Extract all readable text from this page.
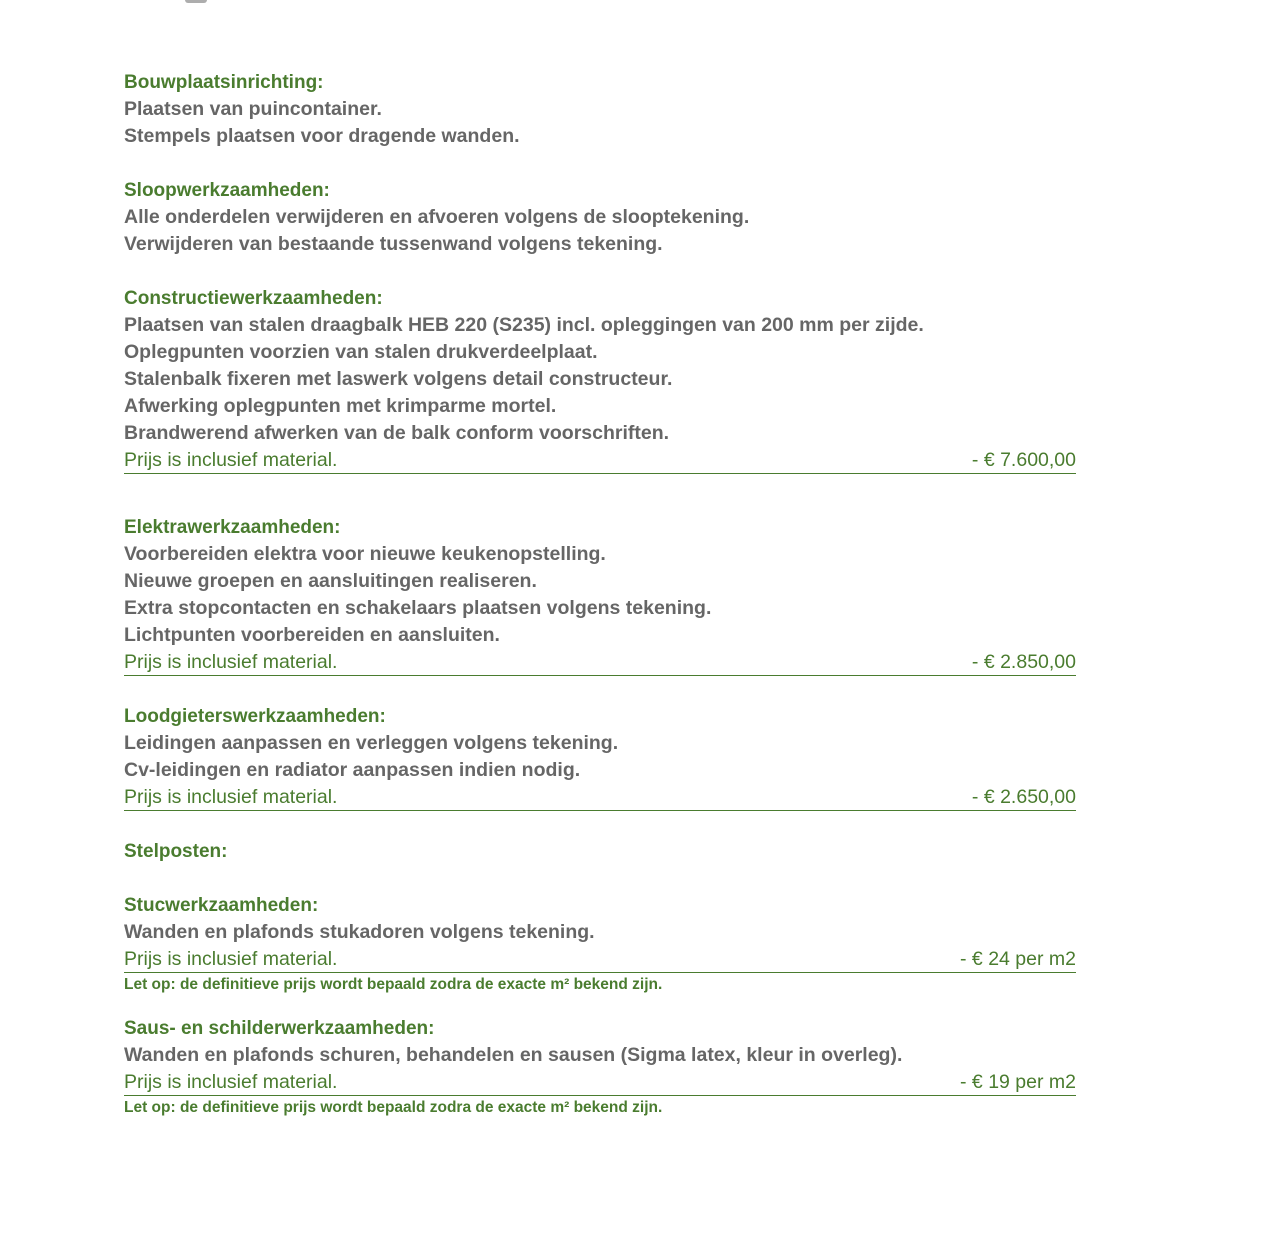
Bouwplaatsinrichting:
Plaatsen van puincontainer.
Stempels plaatsen voor dragende wanden.
Sloopwerkzaamheden:
Alle onderdelen verwijderen en afvoeren volgens de slooptekening.
Verwijderen van bestaande tussenwand volgens tekening.
Constructiewerkzaamheden:
Plaatsen van stalen draagbalk HEB 220 (S235) incl. opleggingen van 200 mm per zijde.
Oplegpunten voorzien van stalen drukverdeelplaat.
Stalenbalk fixeren met laswerk volgens detail constructeur.
Afwerking oplegpunten met krimparme mortel.
Brandwerend afwerken van de balk conform voorschriften.
Prijs is inclusief material.	- € 7.600,00
Elektrawerkzaamheden:
Voorbereiden elektra voor nieuwe keukenopstelling.
Nieuwe groepen en aansluitingen realiseren.
Extra stopcontacten en schakelaars plaatsen volgens tekening.
Lichtpunten voorbereiden en aansluiten.
Prijs is inclusief material.	- € 2.850,00
Loodgieterswerkzaamheden:
Leidingen aanpassen en verleggen volgens tekening.
Cv-leidingen en radiator aanpassen indien nodig.
Prijs is inclusief material.	- € 2.650,00
Stelposten:
Stucwerkzaamheden:
Wanden en plafonds stukadoren volgens tekening.
Prijs is inclusief material.	- € 24 per m2
Let op: de definitieve prijs wordt bepaald zodra de exacte m² bekend zijn.
Saus- en schilderwerkzaamheden:
Wanden en plafonds schuren, behandelen en sausen (Sigma latex, kleur in overleg).
Prijs is inclusief material.	- € 19 per m2
Let op: de definitieve prijs wordt bepaald zodra de exacte m² bekend zijn.
